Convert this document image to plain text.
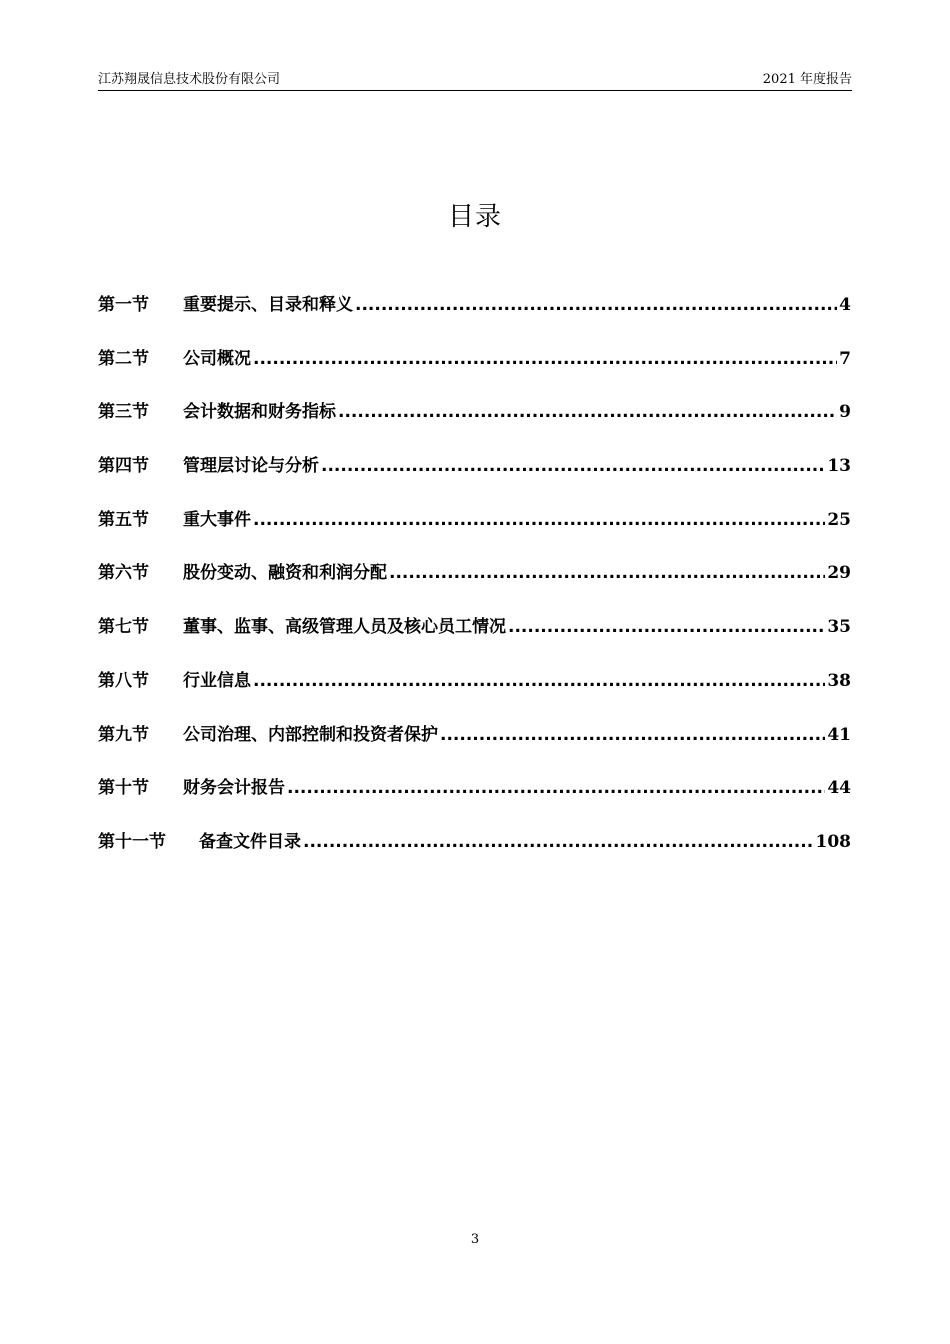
江苏翔晟信息技术股份有限公司	2021 年度报告
目录
第一节	重要提示、目录和释义 .....	4
第二节	公司概况 .....	7
第三节	会计数据和财务指标 .....	9
第四节	管理层讨论与分析 .....	13
第五节	重大事件 .....	25
第六节	股份变动、融资和利润分配 .....	29
第七节	董事、监事、高级管理人员及核心员工情况 .....	35
第八节	行业信息 .....	38
第九节	公司治理、内部控制和投资者保护 .....	41
第十节	财务会计报告 .....	44
第十一节	备查文件目录 .....	108
3
